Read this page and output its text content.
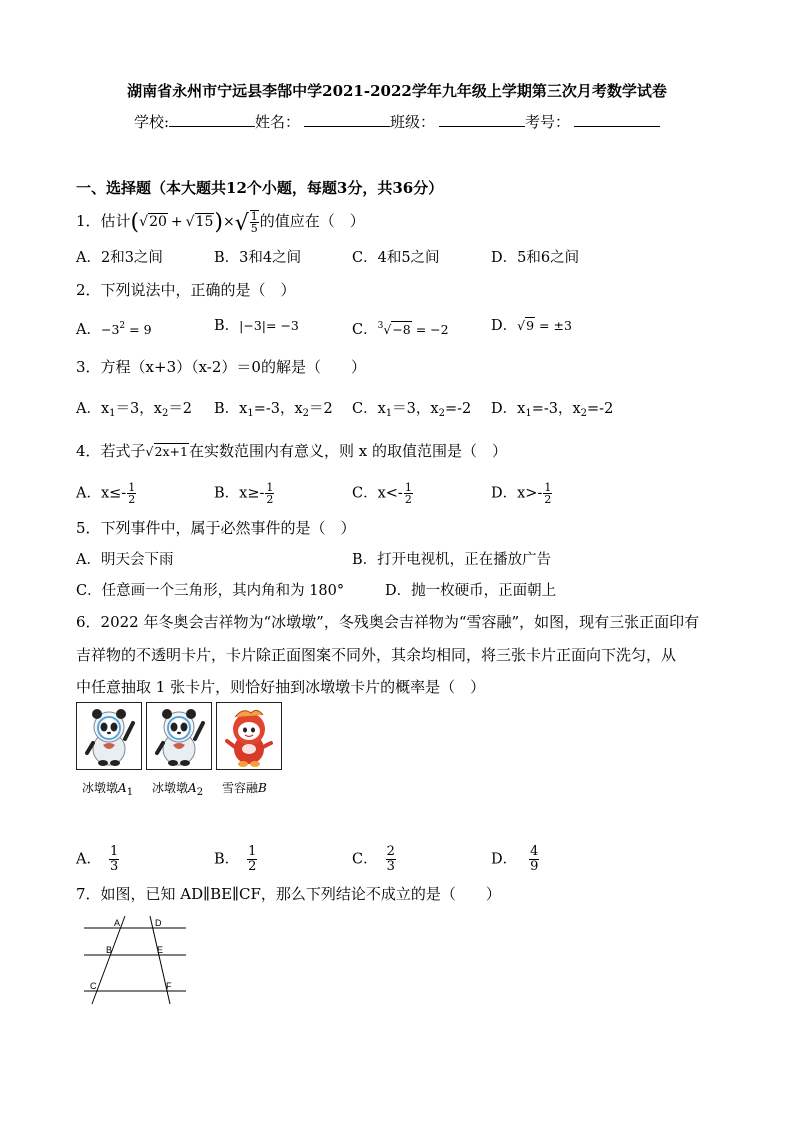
湖南省永州市宁远县李郜中学2021-2022学年九年级上学期第三次月考数学试卷
学校:	姓名：	班级：	考号：
一、选择题（本大题共12个小题，每题3分，共36分）
1．估计$(√20 + √15)\times√ \frac{1}{5}$ 的值应在（　）
A．2和3之间	B．3和4之间	C．4和5之间	D．5和6之间
2．下列说法中，正确的是（　）
A．$-3^2 = 9$	B．|−3|= −3	C．$^3$√−8 = −2	D．√9 = ±3
3．方程（x+3）（x-2）＝0的解是（　　）
A．$x_1=3$，$x_2=2$ B．$x_1=-3$，$x_2=2$ C．$x_1=3$，$x_2=-2$ D．$x_1=-3$，$x_2=-2$
4．若式子√2x+1在实数范围内有意义，则 x 的取值范围是（　）
A．$x\le- \frac{1}{2}$	B．$x\ge- \frac{1}{2}$	C．$x<- \frac{1}{2}$	D．$x>- \frac{1}{2}$
5．下列事件中，属于必然事件的是（　）
A．明天会下雨	B．打开电视机，正在播放广告
C．任意画一个三角形，其内角和为 180°	D．抛一枚硬币，正面朝上
6．2022 年冬奥会吉祥物为“冰墩墩”，冬残奥会吉祥物为“雪容融”，如图，现有三张正面印有
吉祥物的不透明卡片，卡片除正面图案不同外，其余均相同，将三张卡片正面向下洗匀，从
中任意抽取 1 张卡片，则恰好抽到冰墩墩卡片的概率是（　）
冰墩墩$A_1$ 冰墩墩$A_2$ 雪容融B
A． $\frac{1}{3}$	B． $\frac{1}{2}$	C． $\frac{2}{3}$	D． $\frac{4}{9}$
7．如图，已知 AD∥BE∥CF，那么下列结论不成立的是（　　）
A	D
B	E
C	F
